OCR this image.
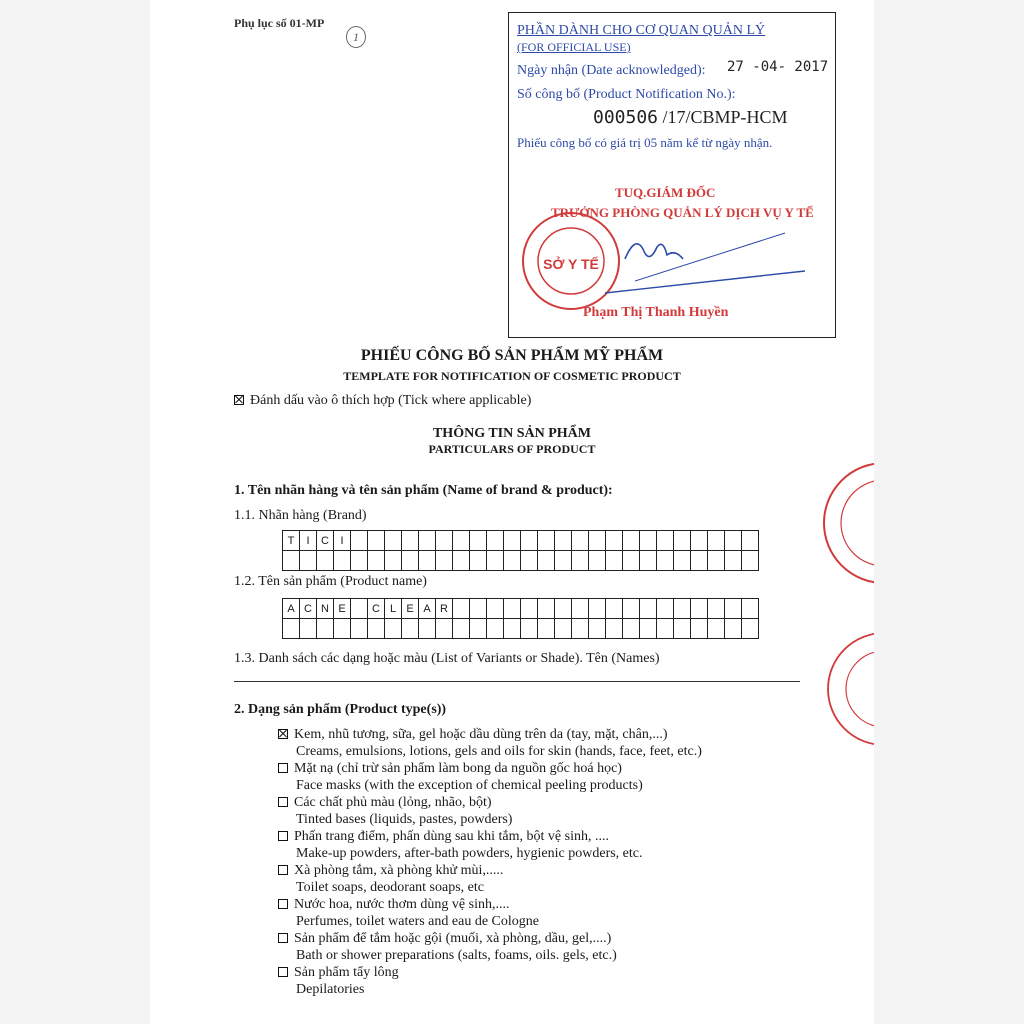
Phụ lục số 01-MP
1	PHẦN DÀNH CHO CƠ QUAN QUẢN LÝ
(FOR OFFICIAL USE)
Ngày nhận (Date acknowledged): 27 -04- 2017
Số công bố (Product Notification No.):
000506 /17/CBMP-HCM
Phiếu công bố có giá trị 05 năm kể từ ngày nhận.
TUQ.GIÁM ĐỐC
TRƯỞNG PHÒNG QUẢN LÝ DỊCH VỤ Y TẾ
SỞ Y TẾ
Phạm Thị Thanh Huyền
PHIẾU CÔNG BỐ SẢN PHẨM MỸ PHẨM
TEMPLATE FOR NOTIFICATION OF COSMETIC PRODUCT
Đánh dấu vào ô thích hợp (Tick where applicable)
THÔNG TIN SẢN PHẨM
PARTICULARS OF PRODUCT
1. Tên nhãn hàng và tên sản phẩm (Name of brand & product):
1.1. Nhãn hàng (Brand)
T	I	C	I																								

1.2. Tên sản phẩm (Product name)
A	C	N	E		C	L	E	A	R																		

1.3. Danh sách các dạng hoặc màu (List of Variants or Shade). Tên (Names)
2. Dạng sản phẩm (Product type(s))
Kem, nhũ tương, sữa, gel hoặc dầu dùng trên da (tay, mặt, chân,...)
Creams, emulsions, lotions, gels and oils for skin (hands, face, feet, etc.)
Mặt nạ (chỉ trừ sản phẩm làm bong da nguồn gốc hoá học)
Face masks (with the exception of chemical peeling products)
Các chất phủ màu (lỏng, nhão, bột)
Tinted bases (liquids, pastes, powders)
Phấn trang điểm, phấn dùng sau khi tắm, bột vệ sinh, ....
Make-up powders, after-bath powders, hygienic powders, etc.
Xà phòng tắm, xà phòng khử mùi,.....
Toilet soaps, deodorant soaps, etc
Nước hoa, nước thơm dùng vệ sinh,....
Perfumes, toilet waters and eau de Cologne
Sản phẩm để tắm hoặc gội (muối, xà phòng, dầu, gel,....)
Bath or shower preparations (salts, foams, oils. gels, etc.)
Sản phẩm tẩy lông
Depilatories
